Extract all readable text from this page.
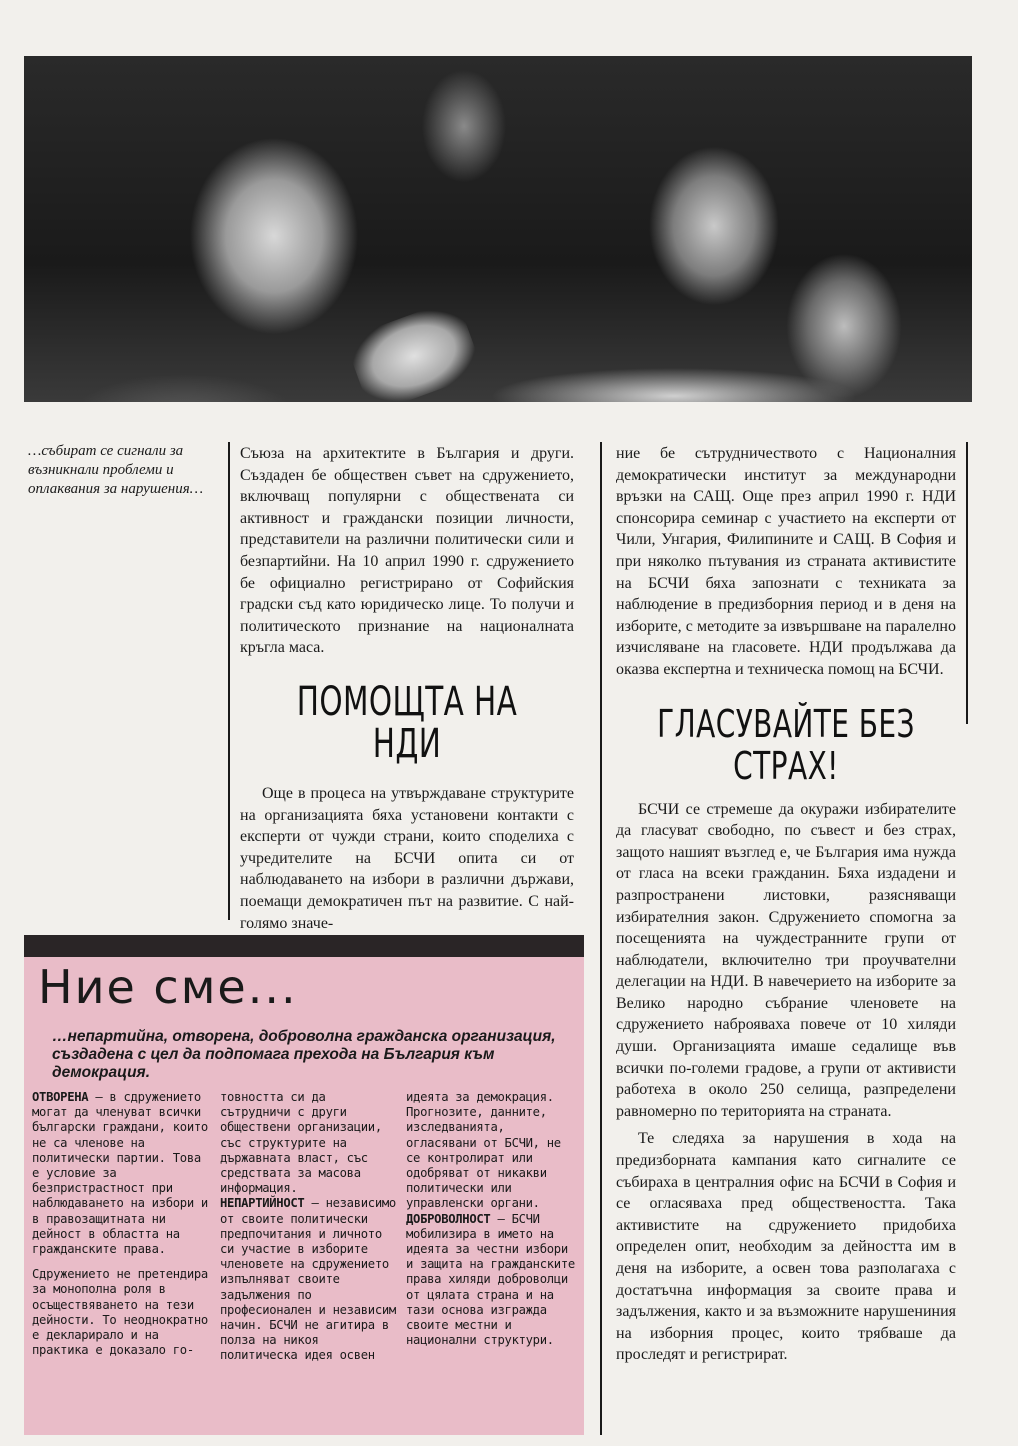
…събират се сигнали за възникнали проблеми и оплаквания за нарушения…

Съюза на архитектите в България и други. Създаден бе обществен съвет на сдружението, включващ популярни с обществената си активност и граждански позиции личности, представители на различни политически сили и безпартийни. На 10 април 1990 г. сдружението бе официално регистрирано от Софийския градски съд като юридическо лице. То получи и политическото признание на националната кръгла маса.

ПОМОЩТА НА НДИ

Още в процеса на утвърждаване структурите на организацията бяха установени контакти с експерти от чужди страни, които споделиха с учредителите на БСЧИ опита си от наблюдаването на избори в различни държави, поемащи демократичен път на развитие. С най-голямо значе-

ние бе сътрудничеството с Националния демократически институт за международни връзки на САЩ. Още през април 1990 г. НДИ спонсорира семинар с участието на експерти от Чили, Унгария, Филипините и САЩ. В София и при няколко пътувания из страната активистите на БСЧИ бяха запознати с техниката за наблюдение в предизборния период и в деня на изборите, с методите за извършване на паралелно изчисляване на гласовете. НДИ продължава да оказва експертна и техническа помощ на БСЧИ.

ГЛАСУВАЙТЕ БЕЗ СТРАХ!

БСЧИ се стремеше да окуражи избирателите да гласуват свободно, по съвест и без страх, защото нашият възглед е, че България има нужда от гласа на всеки гражданин. Бяха издадени и разпространени листовки, разясняващи избирателния закон. Сдружението спомогна за посещенията на чуждестранните групи от наблюдатели, включително три проучвателни делегации на НДИ. В навечерието на изборите за Велико народно събрание членовете на сдружението наброяваха повече от 10 хиляди души. Организацията имаше седалище във всички по-големи градове, а групи от активисти работеха в около 250 селища, разпределени равномерно по територията на страната.

Те следяха за нарушения в хода на предизборната кампания като сигналите се събираха в централния офис на БСЧИ в София и се огласяваха пред обществеността. Така активистите на сдружението придобиха определен опит, необходим за дейността им в деня на изборите, а освен това разполагаха с достатъчна информация за своите права и задължения, както и за възможните нарушениния на изборния процес, които трябваше да проследят и регистрират.

Ние сме...
…непартийна, отворена, доброволна гражданска организация, създадена с цел да подпомага прехода на България към демокрация.

ОТВОРЕНА – в сдружението могат да членуват всички български граждани, които не са членове на политически партии. Това е условие за безпристрастност при наблюдаването на избори и в правозащитната ни дейност в областта на гражданските права.

Сдружението не претендира за монополна роля в осъществяването на тези дейности. То неоднократно е декларирало и на практика е доказало го-

товността си да сътрудничи с други обществени организации, със структурите на държавната власт, със средствата за масова информация.

НЕПАРТИЙНОСТ – независимо от своите политически предпочитания и личното си участие в изборите членовете на сдружението изпълняват своите задължения по професионален и независим начин. БСЧИ не агитира в полза на никоя политическа идея освен

идеята за демокрация. Прогнозите, данните, изследванията, огласявани от БСЧИ, не се контролират или одобряват от никакви политически или управленски органи.

ДОБРОВОЛНОСТ – БСЧИ мобилизира в името на идеята за честни избори и защита на гражданските права хиляди доброволци от цялата страна и на тази основа изгражда своите местни и национални структури.
